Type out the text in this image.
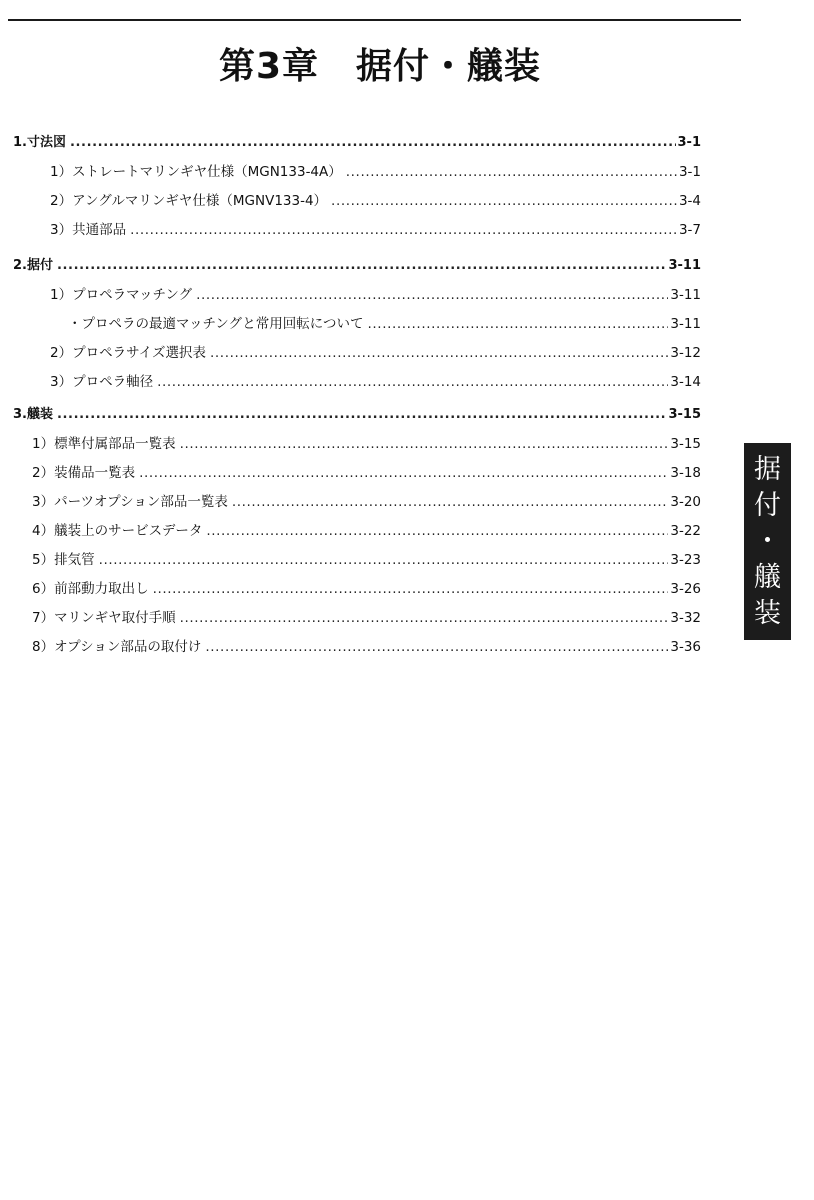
第3章　据付・艤装
1.寸法図 .....	3-1
1）ストレートマリンギヤ仕様（MGN133-4A） .....	3-1
2）アングルマリンギヤ仕様（MGNV133-4） .....	3-4
3）共通部品 .....	3-7
2.据付 .....	3-11
1）プロペラマッチング .....	3-11
・プロペラの最適マッチングと常用回転について .....	3-11
2）プロペラサイズ選択表 .....	3-12
3）プロペラ軸径 .....	3-14
3.艤装 .....	3-15
1）標準付属部品一覧表 .....	3-15
2）装備品一覧表 .....	3-18
3）パーツオプション部品一覧表 .....	3-20
4）艤装上のサービスデータ .....	3-22
5）排気管 .....	3-23
6）前部動力取出し .....	3-26
7）マリンギヤ取付手順 .....	3-32
8）オプション部品の取付け .....	3-36
据
付
・
艤
装
